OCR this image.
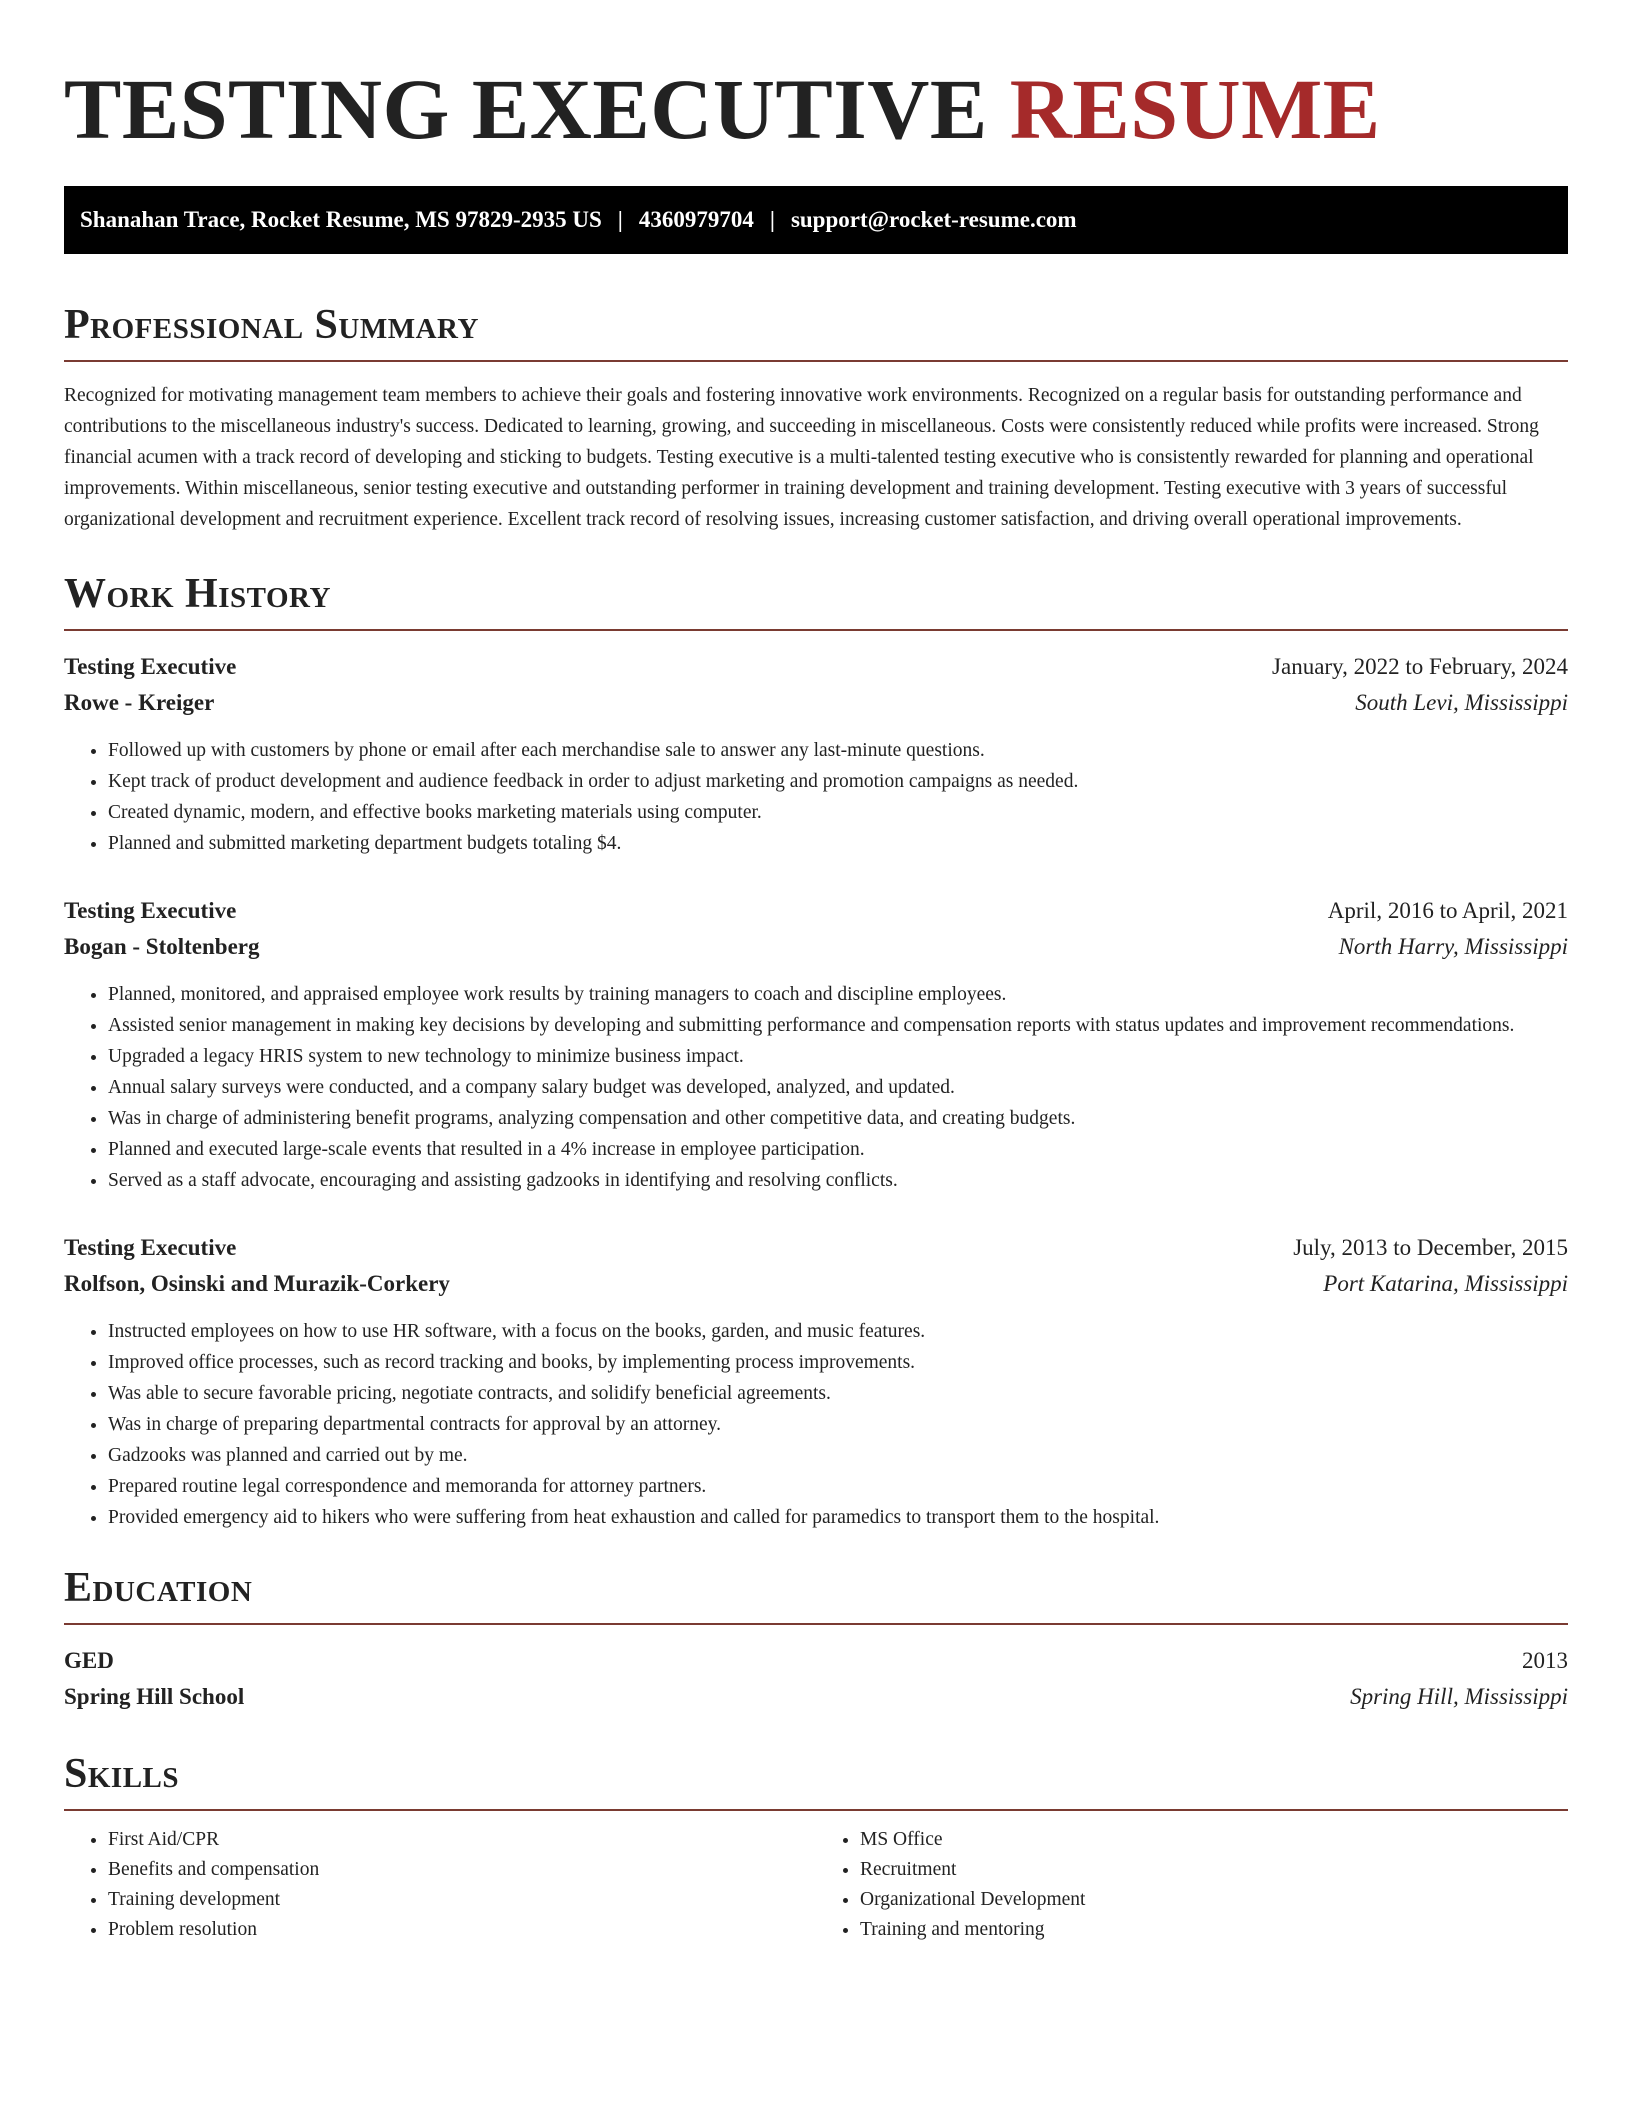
TESTING EXECUTIVE RESUME
Shanahan Trace, Rocket Resume, MS 97829-2935 US | 4360979704 | support@rocket-resume.com
Professional Summary

Recognized for motivating management team members to achieve their goals and fostering innovative work environments. Recognized on a regular basis for outstanding performance and contributions to the miscellaneous industry's success. Dedicated to learning, growing, and succeeding in miscellaneous. Costs were consistently reduced while profits were increased. Strong financial acumen with a track record of developing and sticking to budgets. Testing executive is a multi-talented testing executive who is consistently rewarded for planning and operational improvements. Within miscellaneous, senior testing executive and outstanding performer in training development and training development. Testing executive with 3 years of successful organizational development and recruitment experience. Excellent track record of resolving issues, increasing customer satisfaction, and driving overall operational improvements.

Work History
Testing Executive	January, 2022 to February, 2024
Rowe - Kreiger	South Levi, Mississippi
• Followed up with customers by phone or email after each merchandise sale to answer any last-minute questions.
• Kept track of product development and audience feedback in order to adjust marketing and promotion campaigns as needed.
• Created dynamic, modern, and effective books marketing materials using computer.
• Planned and submitted marketing department budgets totaling $4.
Testing Executive	April, 2016 to April, 2021
Bogan - Stoltenberg	North Harry, Mississippi
• Planned, monitored, and appraised employee work results by training managers to coach and discipline employees.
• Assisted senior management in making key decisions by developing and submitting performance and compensation reports with status updates and improvement recommendations.
• Upgraded a legacy HRIS system to new technology to minimize business impact.
• Annual salary surveys were conducted, and a company salary budget was developed, analyzed, and updated.
• Was in charge of administering benefit programs, analyzing compensation and other competitive data, and creating budgets.
• Planned and executed large-scale events that resulted in a 4% increase in employee participation.
• Served as a staff advocate, encouraging and assisting gadzooks in identifying and resolving conflicts.
Testing Executive	July, 2013 to December, 2015
Rolfson, Osinski and Murazik-Corkery	Port Katarina, Mississippi
• Instructed employees on how to use HR software, with a focus on the books, garden, and music features.
• Improved office processes, such as record tracking and books, by implementing process improvements.
• Was able to secure favorable pricing, negotiate contracts, and solidify beneficial agreements.
• Was in charge of preparing departmental contracts for approval by an attorney.
• Gadzooks was planned and carried out by me.
• Prepared routine legal correspondence and memoranda for attorney partners.
• Provided emergency aid to hikers who were suffering from heat exhaustion and called for paramedics to transport them to the hospital.
Education
GED	2013
Spring Hill School	Spring Hill, Mississippi
Skills
• First Aid/CPR
• Benefits and compensation
• Training development
• Problem resolution
• MS Office
• Recruitment
• Organizational Development
• Training and mentoring
